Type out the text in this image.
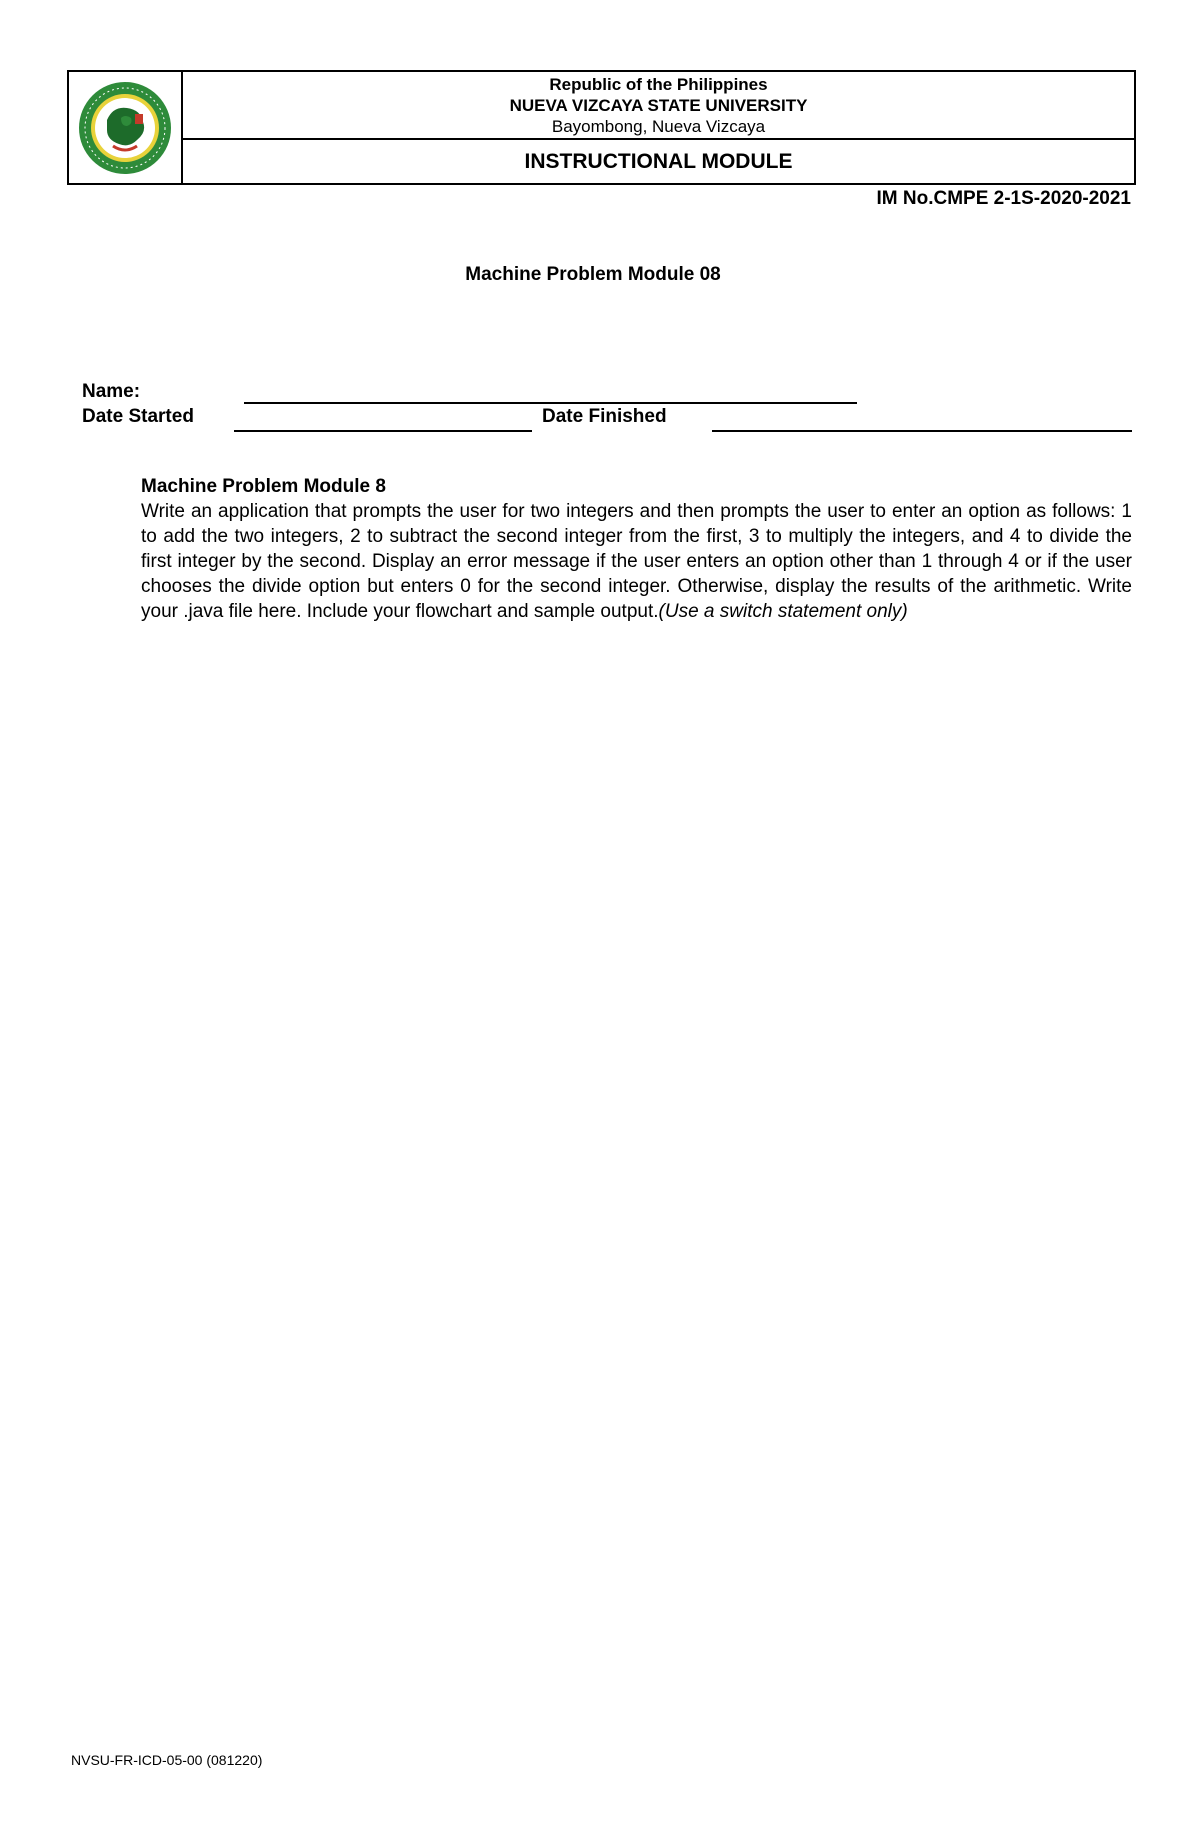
Republic of the Philippines
NUEVA VIZCAYA STATE UNIVERSITY
Bayombong, Nueva Vizcaya
INSTRUCTIONAL MODULE
IM No.CMPE 2-1S-2020-2021
Machine Problem Module 08
Name:
Date Started	Date Finished
Machine Problem Module 8

Write an application that prompts the user for two integers and then prompts the user to enter an option as follows: 1 to add the two integers, 2 to subtract the second integer from the first, 3 to multiply the integers, and 4 to divide the first integer by the second. Display an error message if the user enters an option other than 1 through 4 or if the user chooses the divide option but enters 0 for the second integer. Otherwise, display the results of the arithmetic. Write your .java file here. Include your flowchart and sample output.(Use a switch statement only)

NVSU-FR-ICD-05-00 (081220)
